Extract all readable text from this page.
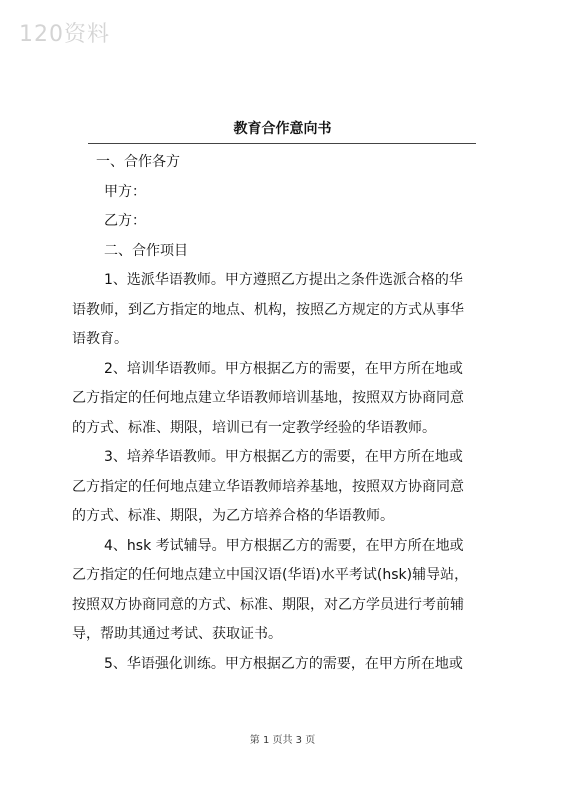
120资料
教育合作意向书
一、合作各方
甲方：
乙方：
二、合作项目
1、选派华语教师。甲方遵照乙方提出之条件选派合格的华
语教师，到乙方指定的地点、机构，按照乙方规定的方式从事华
语教育。
2、培训华语教师。甲方根据乙方的需要，在甲方所在地或
乙方指定的任何地点建立华语教师培训基地，按照双方协商同意
的方式、标准、期限，培训已有一定教学经验的华语教师。
3、培养华语教师。甲方根据乙方的需要，在甲方所在地或
乙方指定的任何地点建立华语教师培养基地，按照双方协商同意
的方式、标准、期限，为乙方培养合格的华语教师。
4、hsk 考试辅导。甲方根据乙方的需要，在甲方所在地或
乙方指定的任何地点建立中国汉语(华语)水平考试(hsk)辅导站，
按照双方协商同意的方式、标准、期限，对乙方学员进行考前辅
导，帮助其通过考试、获取证书。
5、华语强化训练。甲方根据乙方的需要，在甲方所在地或
第 1 页共 3 页
